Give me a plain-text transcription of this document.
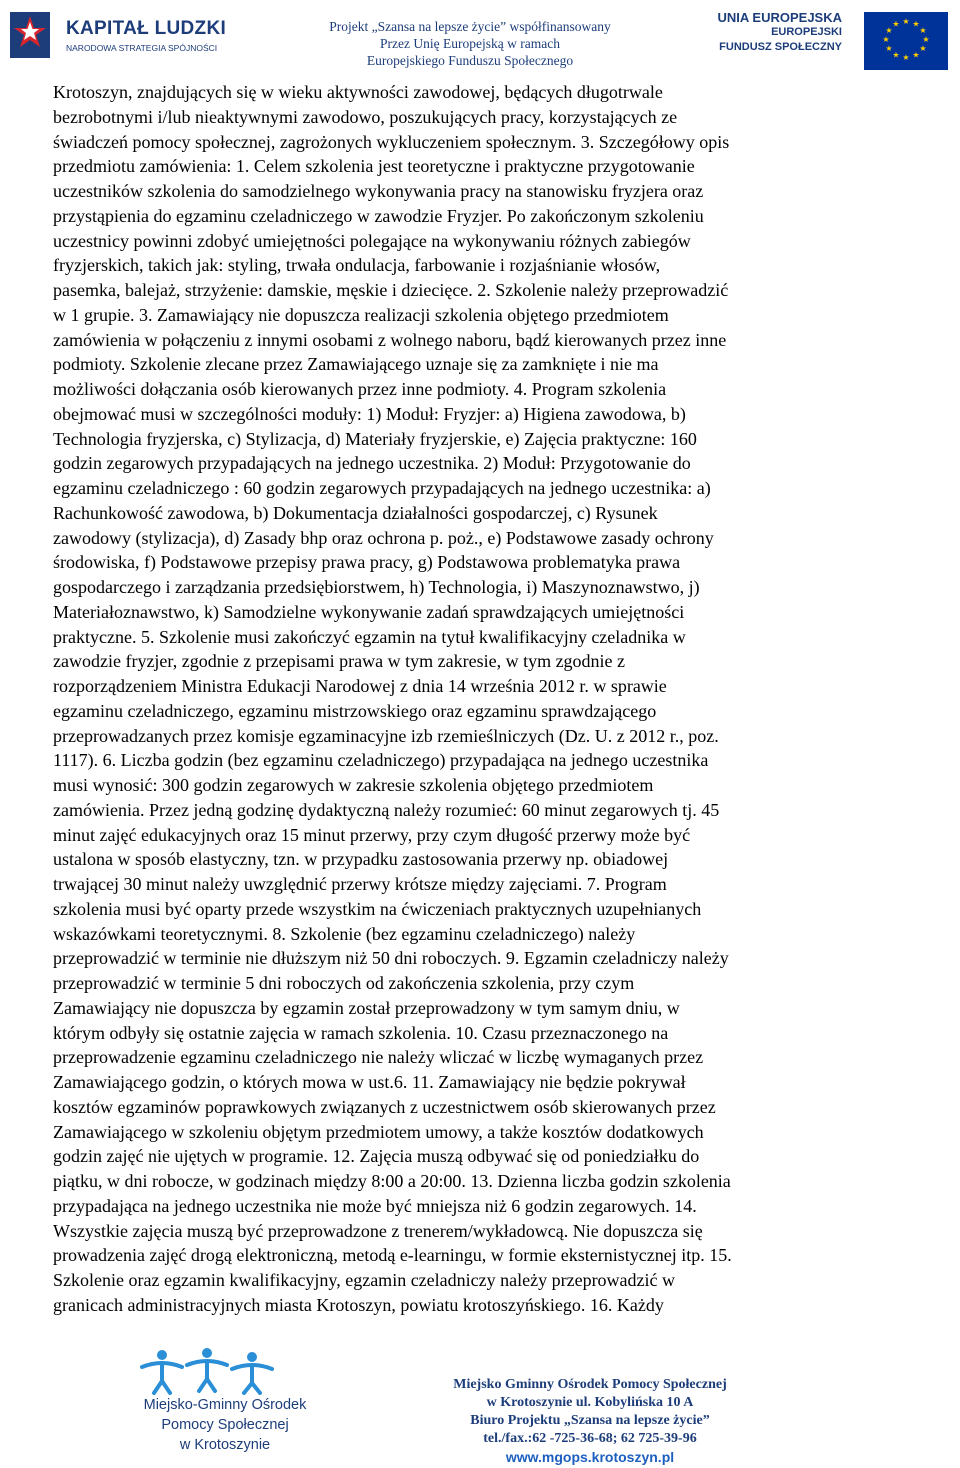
KAPITAŁ LUDZKI
NARODOWA STRATEGIA SPÓJNOŚCI
Projekt „Szansa na lepsze życie” współfinansowany
Przez Unię Europejską w ramach
Europejskiego Funduszu Społecznego
UNIA EUROPEJSKA
EUROPEJSKI
FUNDUSZ SPOŁECZNY
★ ★
★
★
★
★
★
★
★
★
★
★
Krotoszyn, znajdujących się w wieku aktywności zawodowej, będących długotrwale
bezrobotnymi i/lub nieaktywnymi zawodowo, poszukujących pracy, korzystających ze
świadczeń pomocy społecznej, zagrożonych wykluczeniem społecznym. 3. Szczegółowy opis
przedmiotu zamówienia: 1. Celem szkolenia jest teoretyczne i praktyczne przygotowanie
uczestników szkolenia do samodzielnego wykonywania pracy na stanowisku fryzjera oraz
przystąpienia do egzaminu czeladniczego w zawodzie Fryzjer. Po zakończonym szkoleniu
uczestnicy powinni zdobyć umiejętności polegające na wykonywaniu różnych zabiegów
fryzjerskich, takich jak: styling, trwała ondulacja, farbowanie i rozjaśnianie włosów,
pasemka, balejaż, strzyżenie: damskie, męskie i dziecięce. 2. Szkolenie należy przeprowadzić
w 1 grupie. 3. Zamawiający nie dopuszcza realizacji szkolenia objętego przedmiotem
zamówienia w połączeniu z innymi osobami z wolnego naboru, bądź kierowanych przez inne
podmioty. Szkolenie zlecane przez Zamawiającego uznaje się za zamknięte i nie ma
możliwości dołączania osób kierowanych przez inne podmioty. 4. Program szkolenia
obejmować musi w szczególności moduły: 1) Moduł: Fryzjer: a) Higiena zawodowa, b)
Technologia fryzjerska, c) Stylizacja, d) Materiały fryzjerskie, e) Zajęcia praktyczne: 160
godzin zegarowych przypadających na jednego uczestnika. 2) Moduł: Przygotowanie do
egzaminu czeladniczego : 60 godzin zegarowych przypadających na jednego uczestnika: a)
Rachunkowość zawodowa, b) Dokumentacja działalności gospodarczej, c) Rysunek
zawodowy (stylizacja), d) Zasady bhp oraz ochrona p. poż., e) Podstawowe zasady ochrony
środowiska, f) Podstawowe przepisy prawa pracy, g) Podstawowa problematyka prawa
gospodarczego i zarządzania przedsiębiorstwem, h) Technologia, i) Maszynoznawstwo, j)
Materiałoznawstwo, k) Samodzielne wykonywanie zadań sprawdzających umiejętności
praktyczne. 5. Szkolenie musi zakończyć egzamin na tytuł kwalifikacyjny czeladnika w
zawodzie fryzjer, zgodnie z przepisami prawa w tym zakresie, w tym zgodnie z
rozporządzeniem Ministra Edukacji Narodowej z dnia 14 września 2012 r. w sprawie
egzaminu czeladniczego, egzaminu mistrzowskiego oraz egzaminu sprawdzającego
przeprowadzanych przez komisje egzaminacyjne izb rzemieślniczych (Dz. U. z 2012 r., poz.
1117). 6. Liczba godzin (bez egzaminu czeladniczego) przypadająca na jednego uczestnika
musi wynosić: 300 godzin zegarowych w zakresie szkolenia objętego przedmiotem
zamówienia. Przez jedną godzinę dydaktyczną należy rozumieć: 60 minut zegarowych tj. 45
minut zajęć edukacyjnych oraz 15 minut przerwy, przy czym długość przerwy może być
ustalona w sposób elastyczny, tzn. w przypadku zastosowania przerwy np. obiadowej
trwającej 30 minut należy uwzględnić przerwy krótsze między zajęciami. 7. Program
szkolenia musi być oparty przede wszystkim na ćwiczeniach praktycznych uzupełnianych
wskazówkami teoretycznymi. 8. Szkolenie (bez egzaminu czeladniczego) należy
przeprowadzić w terminie nie dłuższym niż 50 dni roboczych. 9. Egzamin czeladniczy należy
przeprowadzić w terminie 5 dni roboczych od zakończenia szkolenia, przy czym
Zamawiający nie dopuszcza by egzamin został przeprowadzony w tym samym dniu, w
którym odbyły się ostatnie zajęcia w ramach szkolenia. 10. Czasu przeznaczonego na
przeprowadzenie egzaminu czeladniczego nie należy wliczać w liczbę wymaganych przez
Zamawiającego godzin, o których mowa w ust.6. 11. Zamawiający nie będzie pokrywał
kosztów egzaminów poprawkowych związanych z uczestnictwem osób skierowanych przez
Zamawiającego w szkoleniu objętym przedmiotem umowy, a także kosztów dodatkowych
godzin zajęć nie ujętych w programie. 12. Zajęcia muszą odbywać się od poniedziałku do
piątku, w dni robocze, w godzinach między 8:00 a 20:00. 13. Dzienna liczba godzin szkolenia
przypadająca na jednego uczestnika nie może być mniejsza niż 6 godzin zegarowych. 14.
Wszystkie zajęcia muszą być przeprowadzone z trenerem/wykładowcą. Nie dopuszcza się
prowadzenia zajęć drogą elektroniczną, metodą e-learningu, w formie eksternistycznej itp. 15.
Szkolenie oraz egzamin kwalifikacyjny, egzamin czeladniczy należy przeprowadzić w
granicach administracyjnych miasta Krotoszyn, powiatu krotoszyńskiego. 16. Każdy
Miejsko-Gminny Ośrodek
Pomocy Społecznej
w Krotoszynie
Miejsko Gminny Ośrodek Pomocy Społecznej
w Krotoszynie ul. Kobylińska 10 A
Biuro Projektu „Szansa na lepsze życie”
tel./fax.:62 -725-36-68; 62 725-39-96
www.mgops.krotoszyn.pl
